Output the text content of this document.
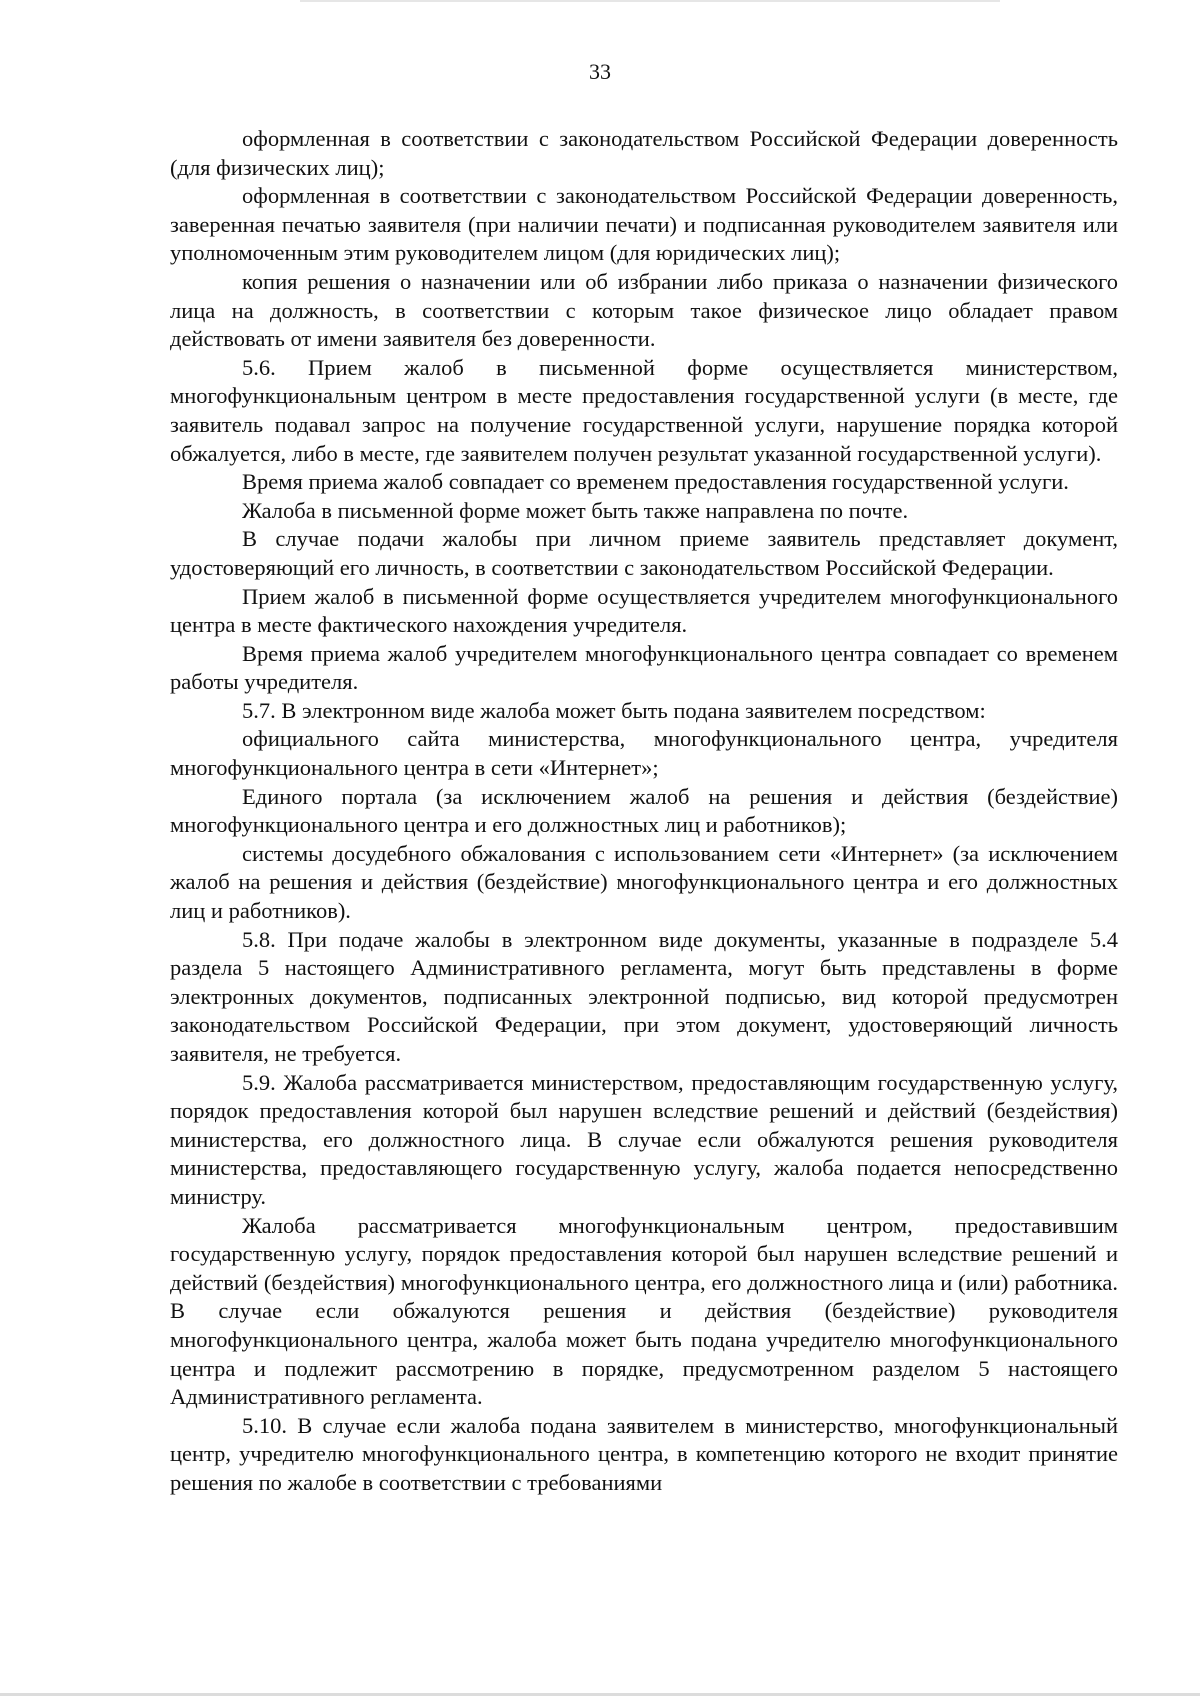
33

оформленная в соответствии с законодательством Российской Федерации доверенность (для физических лиц);

оформленная в соответствии с законодательством Российской Федерации доверенность, заверенная печатью заявителя (при наличии печати) и подписанная руководителем заявителя или уполномоченным этим руководителем лицом (для юридических лиц);

копия решения о назначении или об избрании либо приказа о назначении физического лица на должность, в соответствии с которым такое физическое лицо обладает правом действовать от имени заявителя без доверенности.

5.6. Прием жалоб в письменной форме осуществляется министерством, многофункциональным центром в месте предоставления государственной услуги (в месте, где заявитель подавал запрос на получение государственной услуги, нарушение порядка которой обжалуется, либо в месте, где заявителем получен результат указанной государственной услуги).

Время приема жалоб совпадает со временем предоставления государственной услуги.

Жалоба в письменной форме может быть также направлена по почте.

В случае подачи жалобы при личном приеме заявитель представляет документ, удостоверяющий его личность, в соответствии с законодательством Российской Федерации.

Прием жалоб в письменной форме осуществляется учредителем многофункционального центра в месте фактического нахождения учредителя.

Время приема жалоб учредителем многофункционального центра совпадает со временем работы учредителя.

5.7. В электронном виде жалоба может быть подана заявителем посредством:

официального сайта министерства, многофункционального центра, учредителя многофункционального центра в сети «Интернет»;

Единого портала (за исключением жалоб на решения и действия (бездействие) многофункционального центра и его должностных лиц и работников);

системы досудебного обжалования с использованием сети «Интернет» (за исключением жалоб на решения и действия (бездействие) многофункционального центра и его должностных лиц и работников).

5.8. При подаче жалобы в электронном виде документы, указанные в подразделе 5.4 раздела 5 настоящего Административного регламента, могут быть представлены в форме электронных документов, подписанных электронной подписью, вид которой предусмотрен законодательством Российской Федерации, при этом документ, удостоверяющий личность заявителя, не требуется.

5.9. Жалоба рассматривается министерством, предоставляющим государственную услугу, порядок предоставления которой был нарушен вследствие решений и действий (бездействия) министерства, его должностного лица. В случае если обжалуются решения руководителя министерства, предоставляющего государственную услугу, жалоба подается непосредственно министру.

Жалоба рассматривается многофункциональным центром, предоставившим государственную услугу, порядок предоставления которой был нарушен вследствие решений и действий (бездействия) многофункционального центра, его должностного лица и (или) работника. В случае если обжалуются решения и действия (бездействие) руководителя многофункционального центра, жалоба может быть подана учредителю многофункционального центра и подлежит рассмотрению в порядке, предусмотренном разделом 5 настоящего Административного регламента.

5.10. В случае если жалоба подана заявителем в министерство, многофункциональный центр, учредителю многофункционального центра, в компетенцию которого не входит принятие решения по жалобе в соответствии с требованиями
